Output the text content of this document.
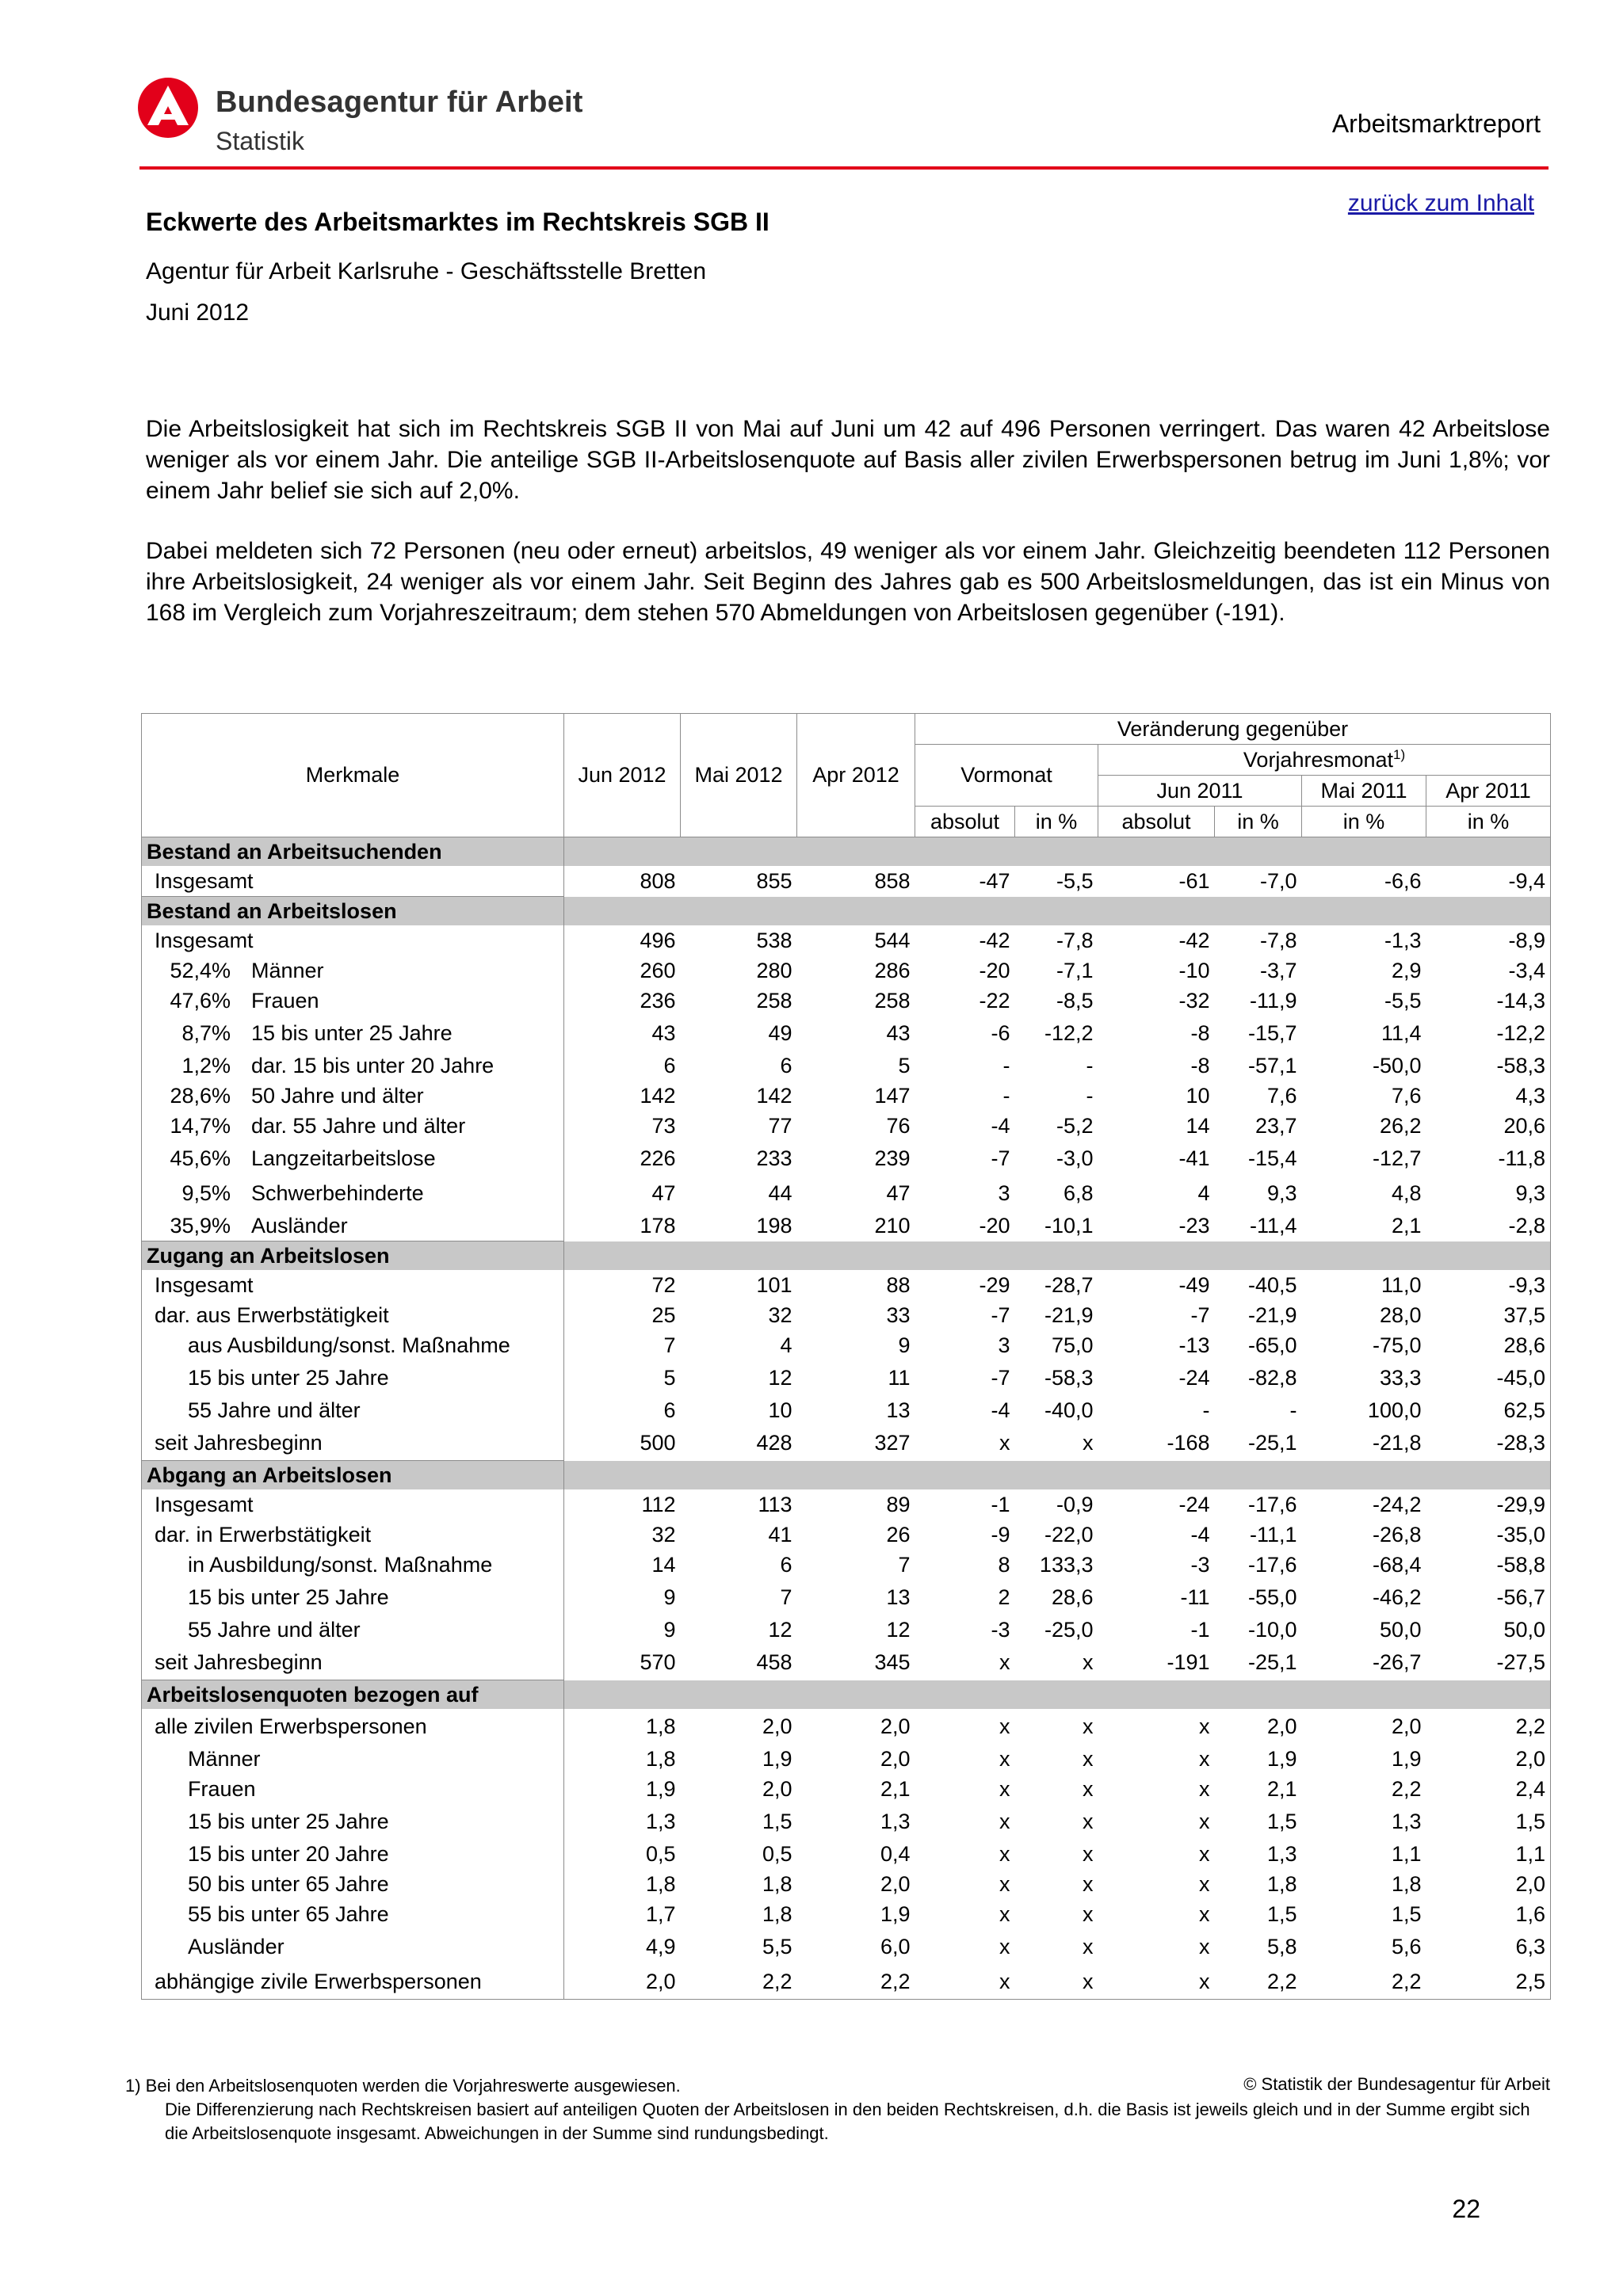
Bundesagentur für Arbeit
Statistik
Arbeitsmarktreport
zurück zum Inhalt
Eckwerte des Arbeitsmarktes im Rechtskreis SGB II
Agentur für Arbeit Karlsruhe - Geschäftsstelle Bretten
Juni 2012

Die Arbeitslosigkeit hat sich im Rechtskreis SGB II von Mai auf Juni um 42 auf 496 Personen verringert. Das waren 42 Arbeitslose weniger als vor einem Jahr. Die anteilige SGB II-Arbeitslosenquote auf Basis aller zivilen Erwerbspersonen betrug im Juni 1,8%; vor einem Jahr belief sie sich auf 2,0%.

Dabei meldeten sich 72 Personen (neu oder erneut) arbeitslos, 49 weniger als vor einem Jahr. Gleichzeitig beendeten 112 Personen ihre Arbeitslosigkeit, 24 weniger als vor einem Jahr. Seit Beginn des Jahres gab es 500 Arbeitslosmeldungen, das ist ein Minus von 168 im Vergleich zum Vorjahreszeitraum; dem stehen 570 Abmeldungen von Arbeitslosen gegenüber (-191).

Merkmale	Jun 2012	Mai 2012	Apr 2012	Veränderung gegenüber					
				Vormonat		Vorjahresmonat$^{1)}$
						Jun 2011		Mai 2011	Apr 2011
				absolut	in %	absolut	in %	in %	in %
Bestand an Arbeitsuchenden									
Insgesamt	808	855	858	-47	-5,5	-61	-7,0	-6,6	-9,4
Bestand an Arbeitslosen									
Insgesamt	496	538	544	-42	-7,8	-42	-7,8	-1,3	-8,9
52,4% Männer	260	280	286	-20	-7,1	-10	-3,7	2,9	-3,4
47,6% Frauen	236	258	258	-22	-8,5	-32	-11,9	-5,5	-14,3
8,7% 15 bis unter 25 Jahre	43	49	43	-6	-12,2	-8	-15,7	11,4	-12,2
1,2% dar. 15 bis unter 20 Jahre	6	6	5	-	-	-8	-57,1	-50,0	-58,3
28,6% 50 Jahre und älter	142	142	147	-	-	10	7,6	7,6	4,3
14,7% dar. 55 Jahre und älter	73	77	76	-4	-5,2	14	23,7	26,2	20,6
45,6% Langzeitarbeitslose	226	233	239	-7	-3,0	-41	-15,4	-12,7	-11,8
9,5% Schwerbehinderte	47	44	47	3	6,8	4	9,3	4,8	9,3
35,9% Ausländer	178	198	210	-20	-10,1	-23	-11,4	2,1	-2,8
Zugang an Arbeitslosen									
Insgesamt	72	101	88	-29	-28,7	-49	-40,5	11,0	-9,3
dar. aus Erwerbstätigkeit	25	32	33	-7	-21,9	-7	-21,9	28,0	37,5
aus Ausbildung/sonst. Maßnahme	7	4	9	3	75,0	-13	-65,0	-75,0	28,6
15 bis unter 25 Jahre	5	12	11	-7	-58,3	-24	-82,8	33,3	-45,0
55 Jahre und älter	6	10	13	-4	-40,0	-	-	100,0	62,5
seit Jahresbeginn	500	428	327	x	x	-168	-25,1	-21,8	-28,3
Abgang an Arbeitslosen									
Insgesamt	112	113	89	-1	-0,9	-24	-17,6	-24,2	-29,9
dar. in Erwerbstätigkeit	32	41	26	-9	-22,0	-4	-11,1	-26,8	-35,0
in Ausbildung/sonst. Maßnahme	14	6	7	8	133,3	-3	-17,6	-68,4	-58,8
15 bis unter 25 Jahre	9	7	13	2	28,6	-11	-55,0	-46,2	-56,7
55 Jahre und älter	9	12	12	-3	-25,0	-1	-10,0	50,0	50,0
seit Jahresbeginn	570	458	345	x	x	-191	-25,1	-26,7	-27,5
Arbeitslosenquoten bezogen auf									
alle zivilen Erwerbspersonen	1,8	2,0	2,0	x	x	x	2,0	2,0	2,2
Männer	1,8	1,9	2,0	x	x	x	1,9	1,9	2,0
Frauen	1,9	2,0	2,1	x	x	x	2,1	2,2	2,4
15 bis unter 25 Jahre	1,3	1,5	1,3	x	x	x	1,5	1,3	1,5
15 bis unter 20 Jahre	0,5	0,5	0,4	x	x	x	1,3	1,1	1,1
50 bis unter 65 Jahre	1,8	1,8	2,0	x	x	x	1,8	1,8	2,0
55 bis unter 65 Jahre	1,7	1,8	1,9	x	x	x	1,5	1,5	1,6
Ausländer	4,9	5,5	6,0	x	x	x	5,8	5,6	6,3
abhängige zivile Erwerbspersonen	2,0	2,2	2,2	x	x	x	2,2	2,2	2,5
1) Bei den Arbeitslosenquoten werden die Vorjahreswerte ausgewiesen.	© Statistik der Bundesagentur für Arbeit
Die Differenzierung nach Rechtskreisen basiert auf anteiligen Quoten der Arbeitslosen in den beiden Rechtskreisen, d.h. die Basis ist jeweils gleich und in der Summe ergibt sich die Arbeitslosenquote insgesamt. Abweichungen in der Summe sind rundungsbedingt.
22
